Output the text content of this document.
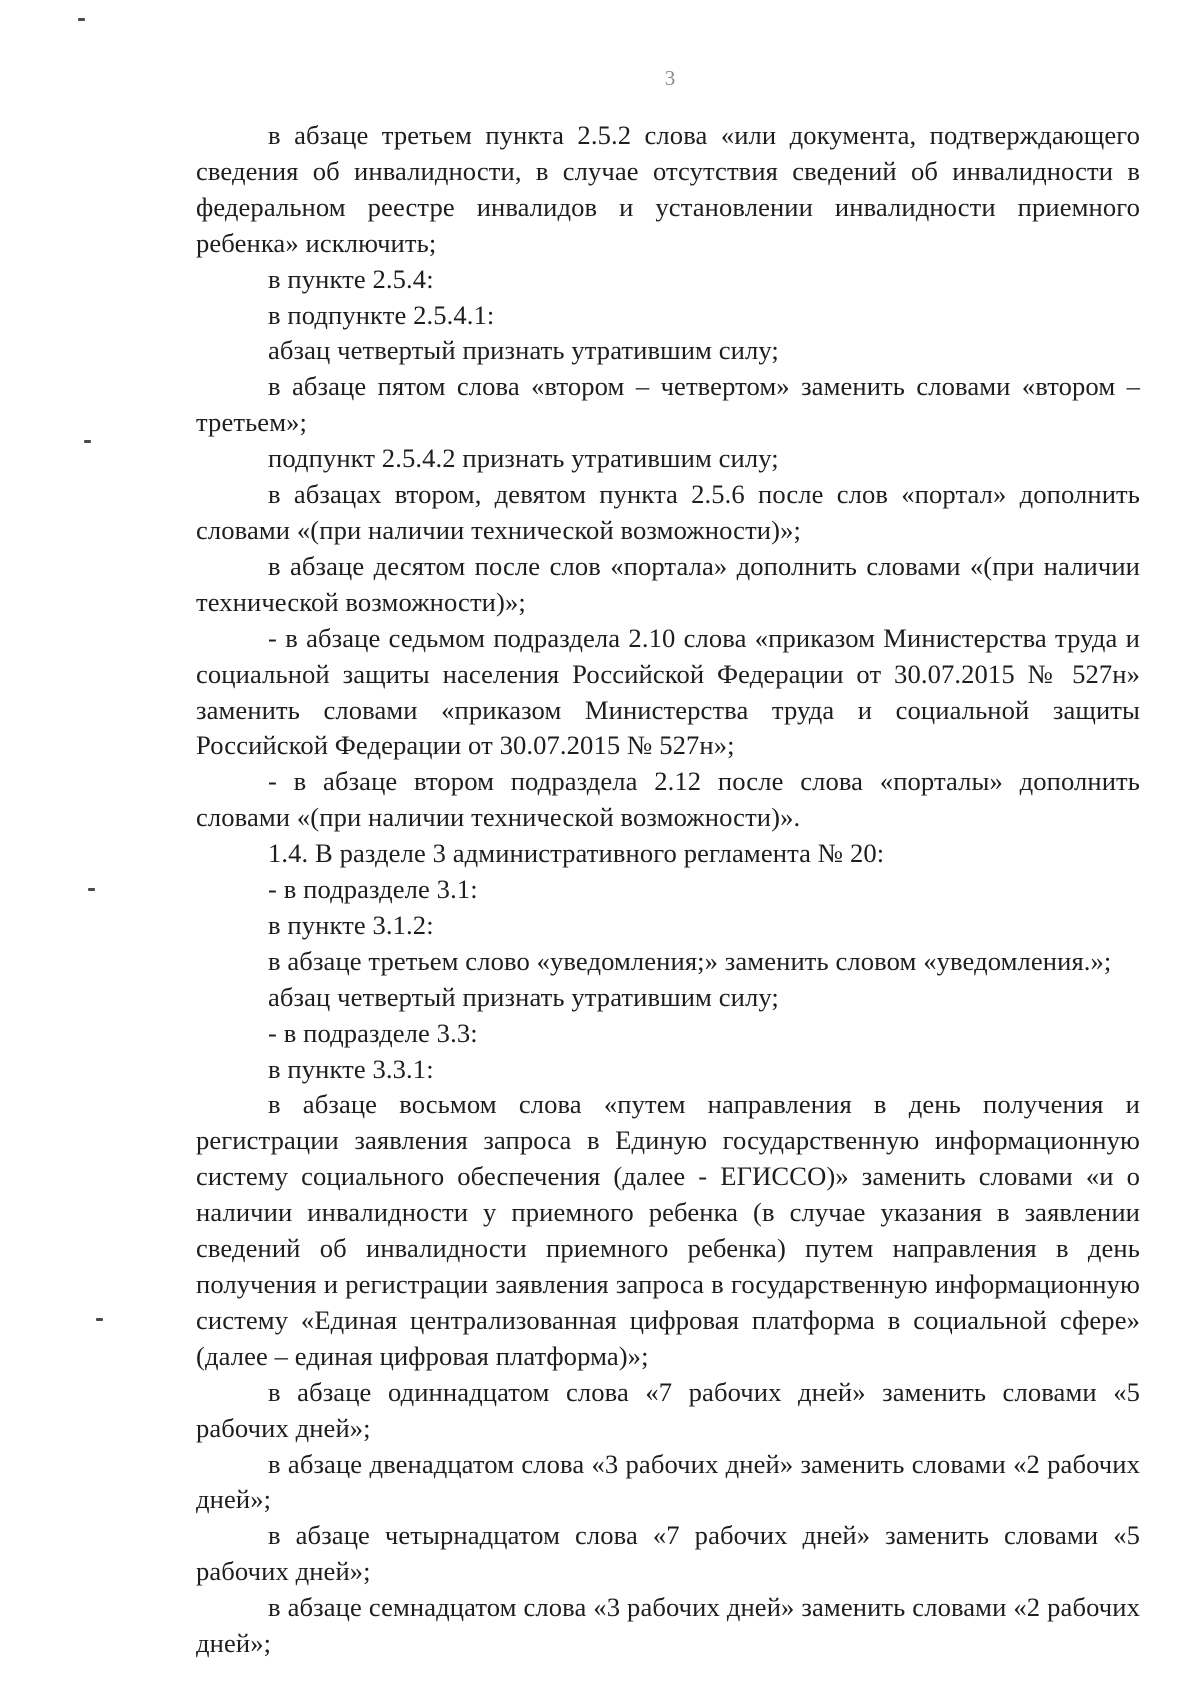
3

в абзаце третьем пункта 2.5.2 слова «или документа, подтверждающего сведения об инвалидности, в случае отсутствия сведений об инвалидности в федеральном реестре инвалидов и установлении инвалидности приемного ребенка» исключить;

в пункте 2.5.4:

в подпункте 2.5.4.1:

абзац четвертый признать утратившим силу;

в абзаце пятом слова «втором – четвертом» заменить словами «втором – третьем»;

подпункт 2.5.4.2 признать утратившим силу;

в абзацах втором, девятом пункта 2.5.6 после слов «портал» дополнить словами «(при наличии технической возможности)»;

в абзаце десятом после слов «портала» дополнить словами «(при наличии технической возможности)»;

- в абзаце седьмом подраздела 2.10 слова «приказом Министерства труда и социальной защиты населения Российской Федерации от 30.07.2015 № 527н» заменить словами «приказом Министерства труда и социальной защиты Российской Федерации от 30.07.2015 № 527н»;

- в абзаце втором подраздела 2.12 после слова «порталы» дополнить словами «(при наличии технической возможности)».

1.4. В разделе 3 административного регламента № 20:

- в подразделе 3.1:

в пункте 3.1.2:

в абзаце третьем слово «уведомления;» заменить словом «уведомления.»;

абзац четвертый признать утратившим силу;

- в подразделе 3.3:

в пункте 3.3.1:

в абзаце восьмом слова «путем направления в день получения и регистрации заявления запроса в Единую государственную информационную систему социального обеспечения (далее - ЕГИССО)» заменить словами «и о наличии инвалидности у приемного ребенка (в случае указания в заявлении сведений об инвалидности приемного ребенка) путем направления в день получения и регистрации заявления запроса в государственную информационную систему «Единая централизованная цифровая платформа в социальной сфере» (далее – единая цифровая платформа)»;

в абзаце одиннадцатом слова «7 рабочих дней» заменить словами «5 рабочих дней»;

в абзаце двенадцатом слова «3 рабочих дней» заменить словами «2 рабочих дней»;

в абзаце четырнадцатом слова «7 рабочих дней» заменить словами «5 рабочих дней»;

в абзаце семнадцатом слова «3 рабочих дней» заменить словами «2 рабочих дней»;
